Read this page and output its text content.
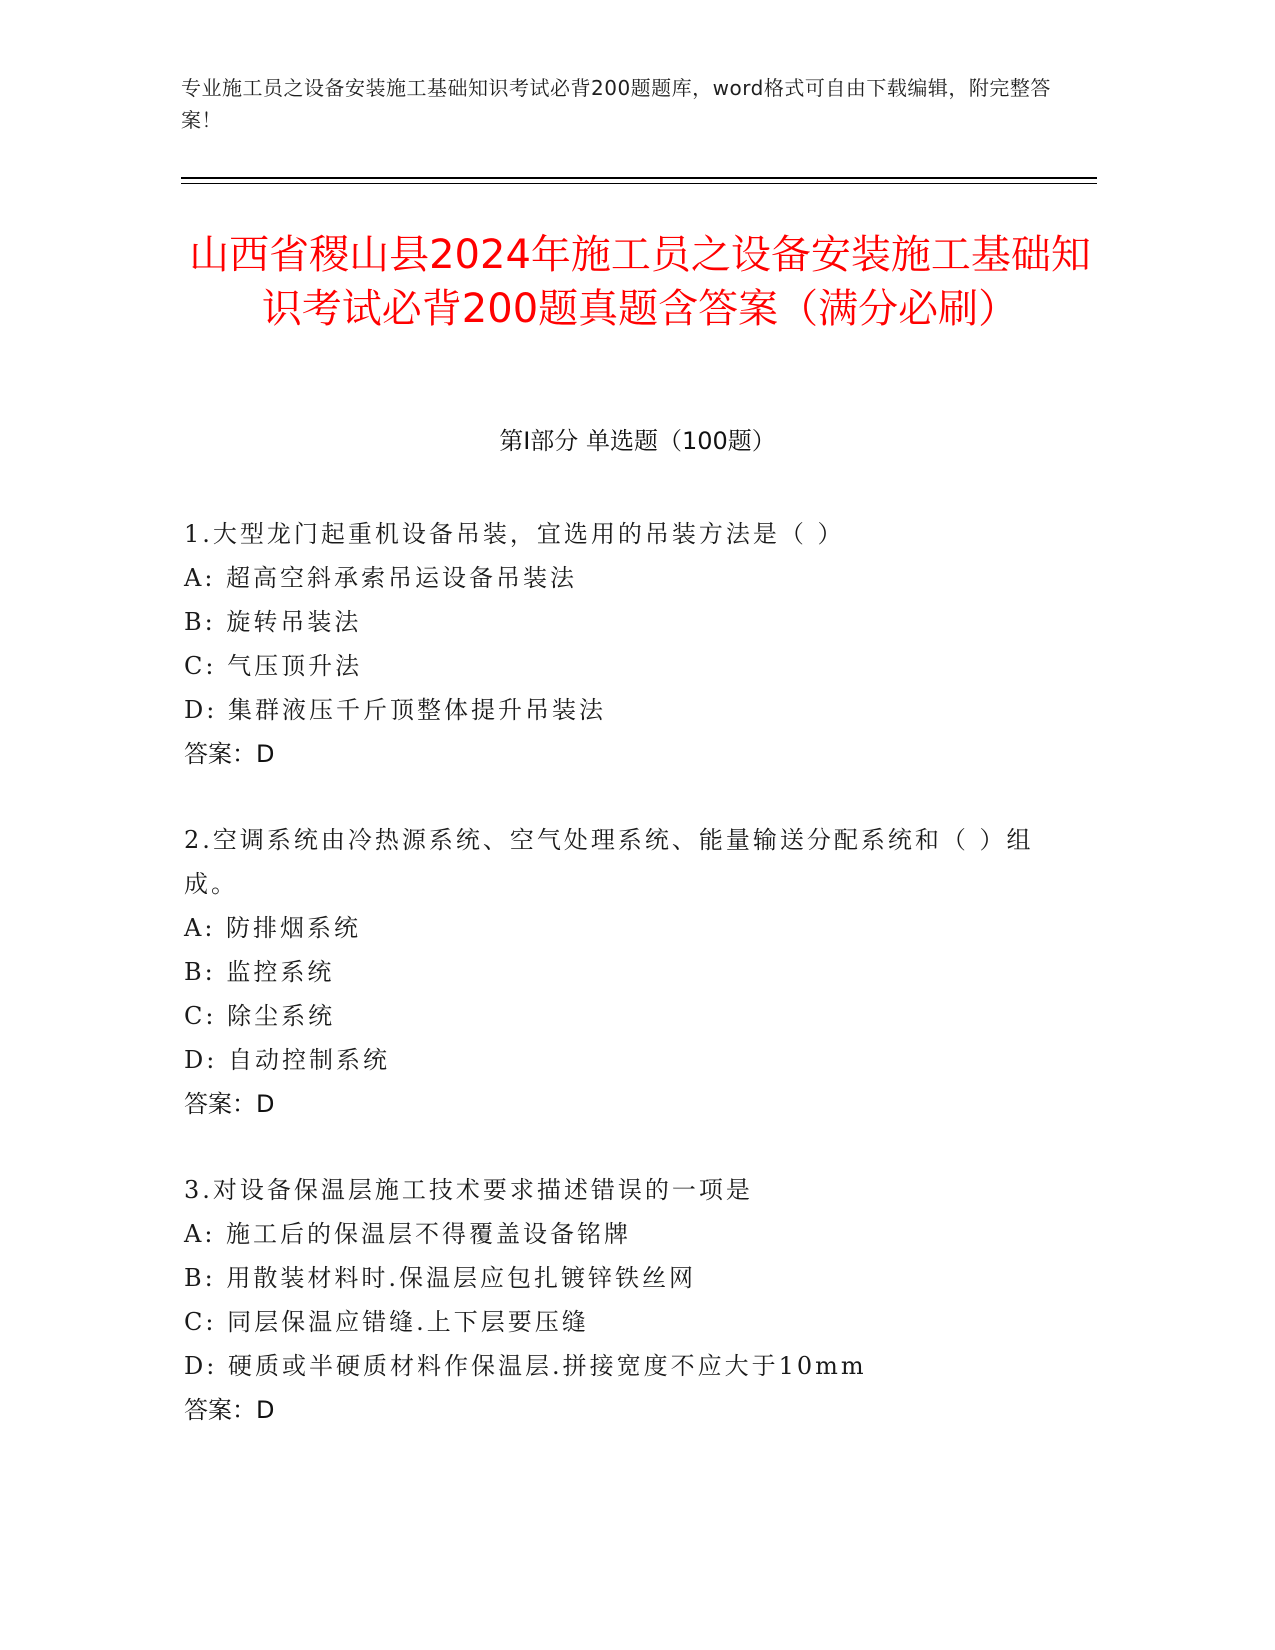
专业施工员之设备安装施工基础知识考试必背200题题库，word格式可自由下载编辑，附完整答案！
山西省稷山县2024年施工员之设备安装施工基础知识考试必背200题真题含答案（满分必刷）
第I部分 单选题（100题）
1.大型龙门起重机设备吊装，宜选用的吊装方法是（ ）
A: 超高空斜承索吊运设备吊装法
B: 旋转吊装法
C: 气压顶升法
D: 集群液压千斤顶整体提升吊装法
答案：D
2.空调系统由冷热源系统、空气处理系统、能量输送分配系统和（ ）组成。
A: 防排烟系统
B: 监控系统
C: 除尘系统
D: 自动控制系统
答案：D
3.对设备保温层施工技术要求描述错误的一项是
A: 施工后的保温层不得覆盖设备铭牌
B: 用散装材料时.保温层应包扎镀锌铁丝网
C: 同层保温应错缝.上下层要压缝
D: 硬质或半硬质材料作保温层.拼接宽度不应大于10mm
答案：D
